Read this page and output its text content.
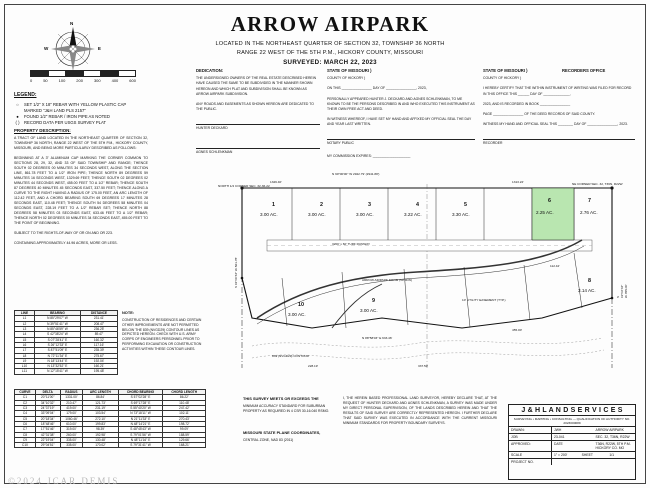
ARROW AIRPARK
LOCATED IN THE NORTHEAST QUARTER OF SECTION 32, TOWNSHIP 36 NORTH
RANGE 22 WEST OF THE 5TH P.M., HICKORY COUNTY, MISSOURI
SURVEYED: MARCH 22, 2023
N
E
W
0	50	100	200	300	400	600
LEGEND:
○	SET 1/2" X 18" REBAR WITH YELLOW PLASTIC CAP MARKED "J&H LAND PLS 2157"
●	FOUND 1/2" REBAR / IRON PIPE AS NOTED
( )	RECORD DATA PER USGS SURVEY PLAT
PROPERTY DESCRIPTION:

A TRACT OF LAND LOCATED IN THE NORTHEAST QUARTER OF SECTION 32, TOWNSHIP 36 NORTH, RANGE 22 WEST OF THE 5TH P.M., HICKORY COUNTY, MISSOURI, AND BEING MORE PARTICULARLY DESCRIBED AS FOLLOWS:

BEGINNING AT A 3" ALUMINUM CAP MARKING THE CORNER COMMON TO SECTIONS 28, 29, 32, AND 33 OF SAID TOWNSHIP AND RANGE; THENCE SOUTH 02 DEGREES 00 MINUTES 34 SECONDS WEST, ALONG THE SECTION LINE, 861.78 FEET TO A 1/2" IRON PIPE; THENCE NORTH 89 DEGREES 59 MINUTES 16 SECONDS WEST, 1329.69 FEET; THENCE SOUTH 02 DEGREES 02 MINUTES 44 SECONDS WEST, 455.00 FEET TO A 1/2" REBAR; THENCE SOUTH 87 DEGREES 40 MINUTES 45 SECONDS EAST, 337.50 FEET; THENCE ALONG A CURVE TO THE RIGHT HAVING A RADIUS OF 175.00 FEET, AN ARC LENGTH OF 112.42 FEET, AND A CHORD BEARING SOUTH 69 DEGREES 17 MINUTES 28 SECONDS EAST, 110.48 FEET; THENCE SOUTH 54 DEGREES 58 MINUTES 04 SECONDS EAST, 228.19 FEET TO A 1/2" REBAR SET; THENCE NORTH 88 DEGREES 58 MINUTES 03 SECONDS EAST, 633.46 FEET TO A 1/2" REBAR; THENCE NORTH 02 DEGREES 00 MINUTES 34 SECONDS EAST, 455.00 FEET TO THE POINT OF BEGINNING.

SUBJECT TO THE RIGHTS-OF-WAY OF OR ON AND OR 223.

CONTAINING APPROXIMATELY 44.96 ACRES, MORE OR LESS.

LINE	BEARING	DISTANCE
L1	N 85°29'07" W	231.41'
L2	N 39°51'41" W	208.47'
L3	N 85°46'59" W	236.25'
L4	S 42°38'24" W	89.47'
L5	S 07°28'41" E	160.32'
L6	S 26°12'33" E	117.16'
L7	S 87°51'09" E	235.39'
L8	N 72°11'34" E	275.67'
L9	N 18°13'44" E	192.04'
L10	N 13°32'52" E	160.21'
L11	N 12°15'41" W	195.48'
NOTE:
CONSTRUCTION OF RESIDENCES AND CERTAIN OTHER IMPROVEMENTS ARE NOT PERMITTED BELOW THE 839 (NVGD29) CONTOUR LINES AS DEPICTED HEREON. CHECK WITH U.S. ARMY CORPS OF ENGINEERS PERSONNEL PRIOR TO PERFORMING EXCAVATION OR CONSTRUCTION ACTIVITIES WITHIN THESE CONTOUR LINES.
CURVE	DELTA	RADIUS	ARC LENGTH	CHORD BEARING	CHORD LENGTH
C1	20°11'00"	1331.00'	86.84'	S 57°02'28" E	86.22'
C2	34°10'32"	210.47'	121.73'	S 69°17'28" E	110.48'
C3	24°37'19"	419.00'	231.19'	S 55°40'20" W	247.42'
C4	33°09'04"	179.00'	103.54'	N 73°18'11" W	102.11'
C5	20°18'34"	1060.46'	272.10'	N 21°11'33" E	270.43'
C6	18°48'46"	610.00'	199.83'	N 48°14'21" E	198.72'
C7	17°51'46"	319.00'	98.39'	S 48°45'43" W	99.09'
C8	42°31'38"	260.00'	192.98'	S 79°01'56" W	188.59'
C9	22°19'04"	335.00'	130.48'	N 48°11'16" E	129.66'
C10	29°04'51"	335.00'	170.02'	S 79°31'41" W	168.21'
DEDICATION:

THE UNDERSIGNED OWNERS OF THE REAL ESTATE DESCRIBED HEREIN HAVE CAUSED THE SAME TO BE SUBDIVIDED IN THE MANNER SHOWN HEREON AND WHICH PLAT AND SUBDIVISION SHALL BE KNOWN AS ARROW AIRPARK SUBDIVISION.

ANY ROADS AND EASEMENTS AS SHOWN HEREON ARE DEDICATED TO THE PUBLIC.

HUNTER DECKARD
AGNES SCHLENKMAN
STATE OF MISSOURI )
COUNTY OF HICKORY )

ON THIS ________________ DAY OF ________________, 2023,

PERSONALLY APPEARED HUNTER J. DECKARD AND AGNES SCHLENKMAN, TO ME KNOWN TO BE THE PERSONS DESCRIBED IN AND WHO EXECUTED THIS INSTRUMENT AS THEIR OWN FREE ACT AND DEED.

IN WITNESS WHEREOF, I HAVE SET MY HAND AND AFFIXED MY OFFICIAL SEAL THE DAY AND YEAR LAST WRITTEN.

NOTARY PUBLIC

MY COMMISSION EXPIRES: ____________________

STATE OF MISSOURI )
COUNTY OF HICKORY )
RECORDERS OFFICE

I HEREBY CERTIFY THAT THE WITHIN INSTRUMENT OF WRITING WAS FILED FOR RECORD IN THIS OFFICE THIS ______ DAY OF ______________,

2023, AND IS RECORDED IN BOOK ________________

PAGE ________________ OF THE DEED RECORDS OF SAID COUNTY.

WITNESS MY HAND AND OFFICIAL SEAL THIS ________ DAY OF ________________, 2023.

RECORDER
N 90°00'00" W 2942.79' (2941.88')
1329.40'	1313.22'
NORTH 1/4 CORNER SEC. 32-36-22	NE CORNER SEC. 32, T36N, R22W
S 02°00'34" W 861.78'
N 88°58'03" E 633.46'
3200' x 60' TURF RUNWAY
ARROW AIRPARK DRIVE (50' R/W)
10' UTILITY EASEMENT (TYP.)
839 (NVGD29) CONTOUR
455.00'
337.50'
228.19'
S 02°02'44" W 455.00'
112.42'
1
3.00 AC.
2
3.00 AC.
3
3.00 AC.
4
3.22 AC.
5
3.30 AC.
6
2.25 AC.
7
2.76 AC.
8
3.14 AC.
9
3.00 AC.
10
3.00 AC.
THIS SURVEY MEETS OR EXCEEDS THE
MINIMUM ACCURACY STANDARD FOR SUBURBAN PROPERTY AS REQUIRED IN 4 CSR 30-16.040 RSMO.
MISSOURI STATE PLANE COORDINATES,
CENTRAL ZONE, NAD 83 (2011)
I, THE HEREIN BASED PROFESSIONAL LAND SURVEYOR, HEREBY DECLARE THAT, AT THE REQUEST OF HUNTER DECKARD AND AGNES SCHLENKMAN, A SURVEY WAS MADE UNDER MY DIRECT PERSONAL SUPERVISION, OF THE LANDS DESCRIBED HEREIN AND THAT THE RESULTS OF SAID SURVEY ARE CORRECTLY REPRESENTED HEREON. I FURTHER DECLARE THAT SAID SURVEY WAS EXECUTED IN ACCORDANCE WITH THE CURRENT MISSOURI MINIMUM STANDARDS FOR PROPERTY BOUNDARY SURVEYS.
J & H L A N D S E R V I C E S
SURVEYING • MAPPING • CONSULTING — QUALIFICATION OF AUTHORITY NO. 2023000089
DRAWN:	JWH	ARROW AIRPARK
JOB	23-041	SEC. 32, T36N, R22W
APPROVED:	DATE	T36N, R22W, 5TH P.M. HICKORY CO. MO
SCALE	1" = 200'	SHEET	1/1
PROJECT NO.
©2024 JCAR DEMIS
